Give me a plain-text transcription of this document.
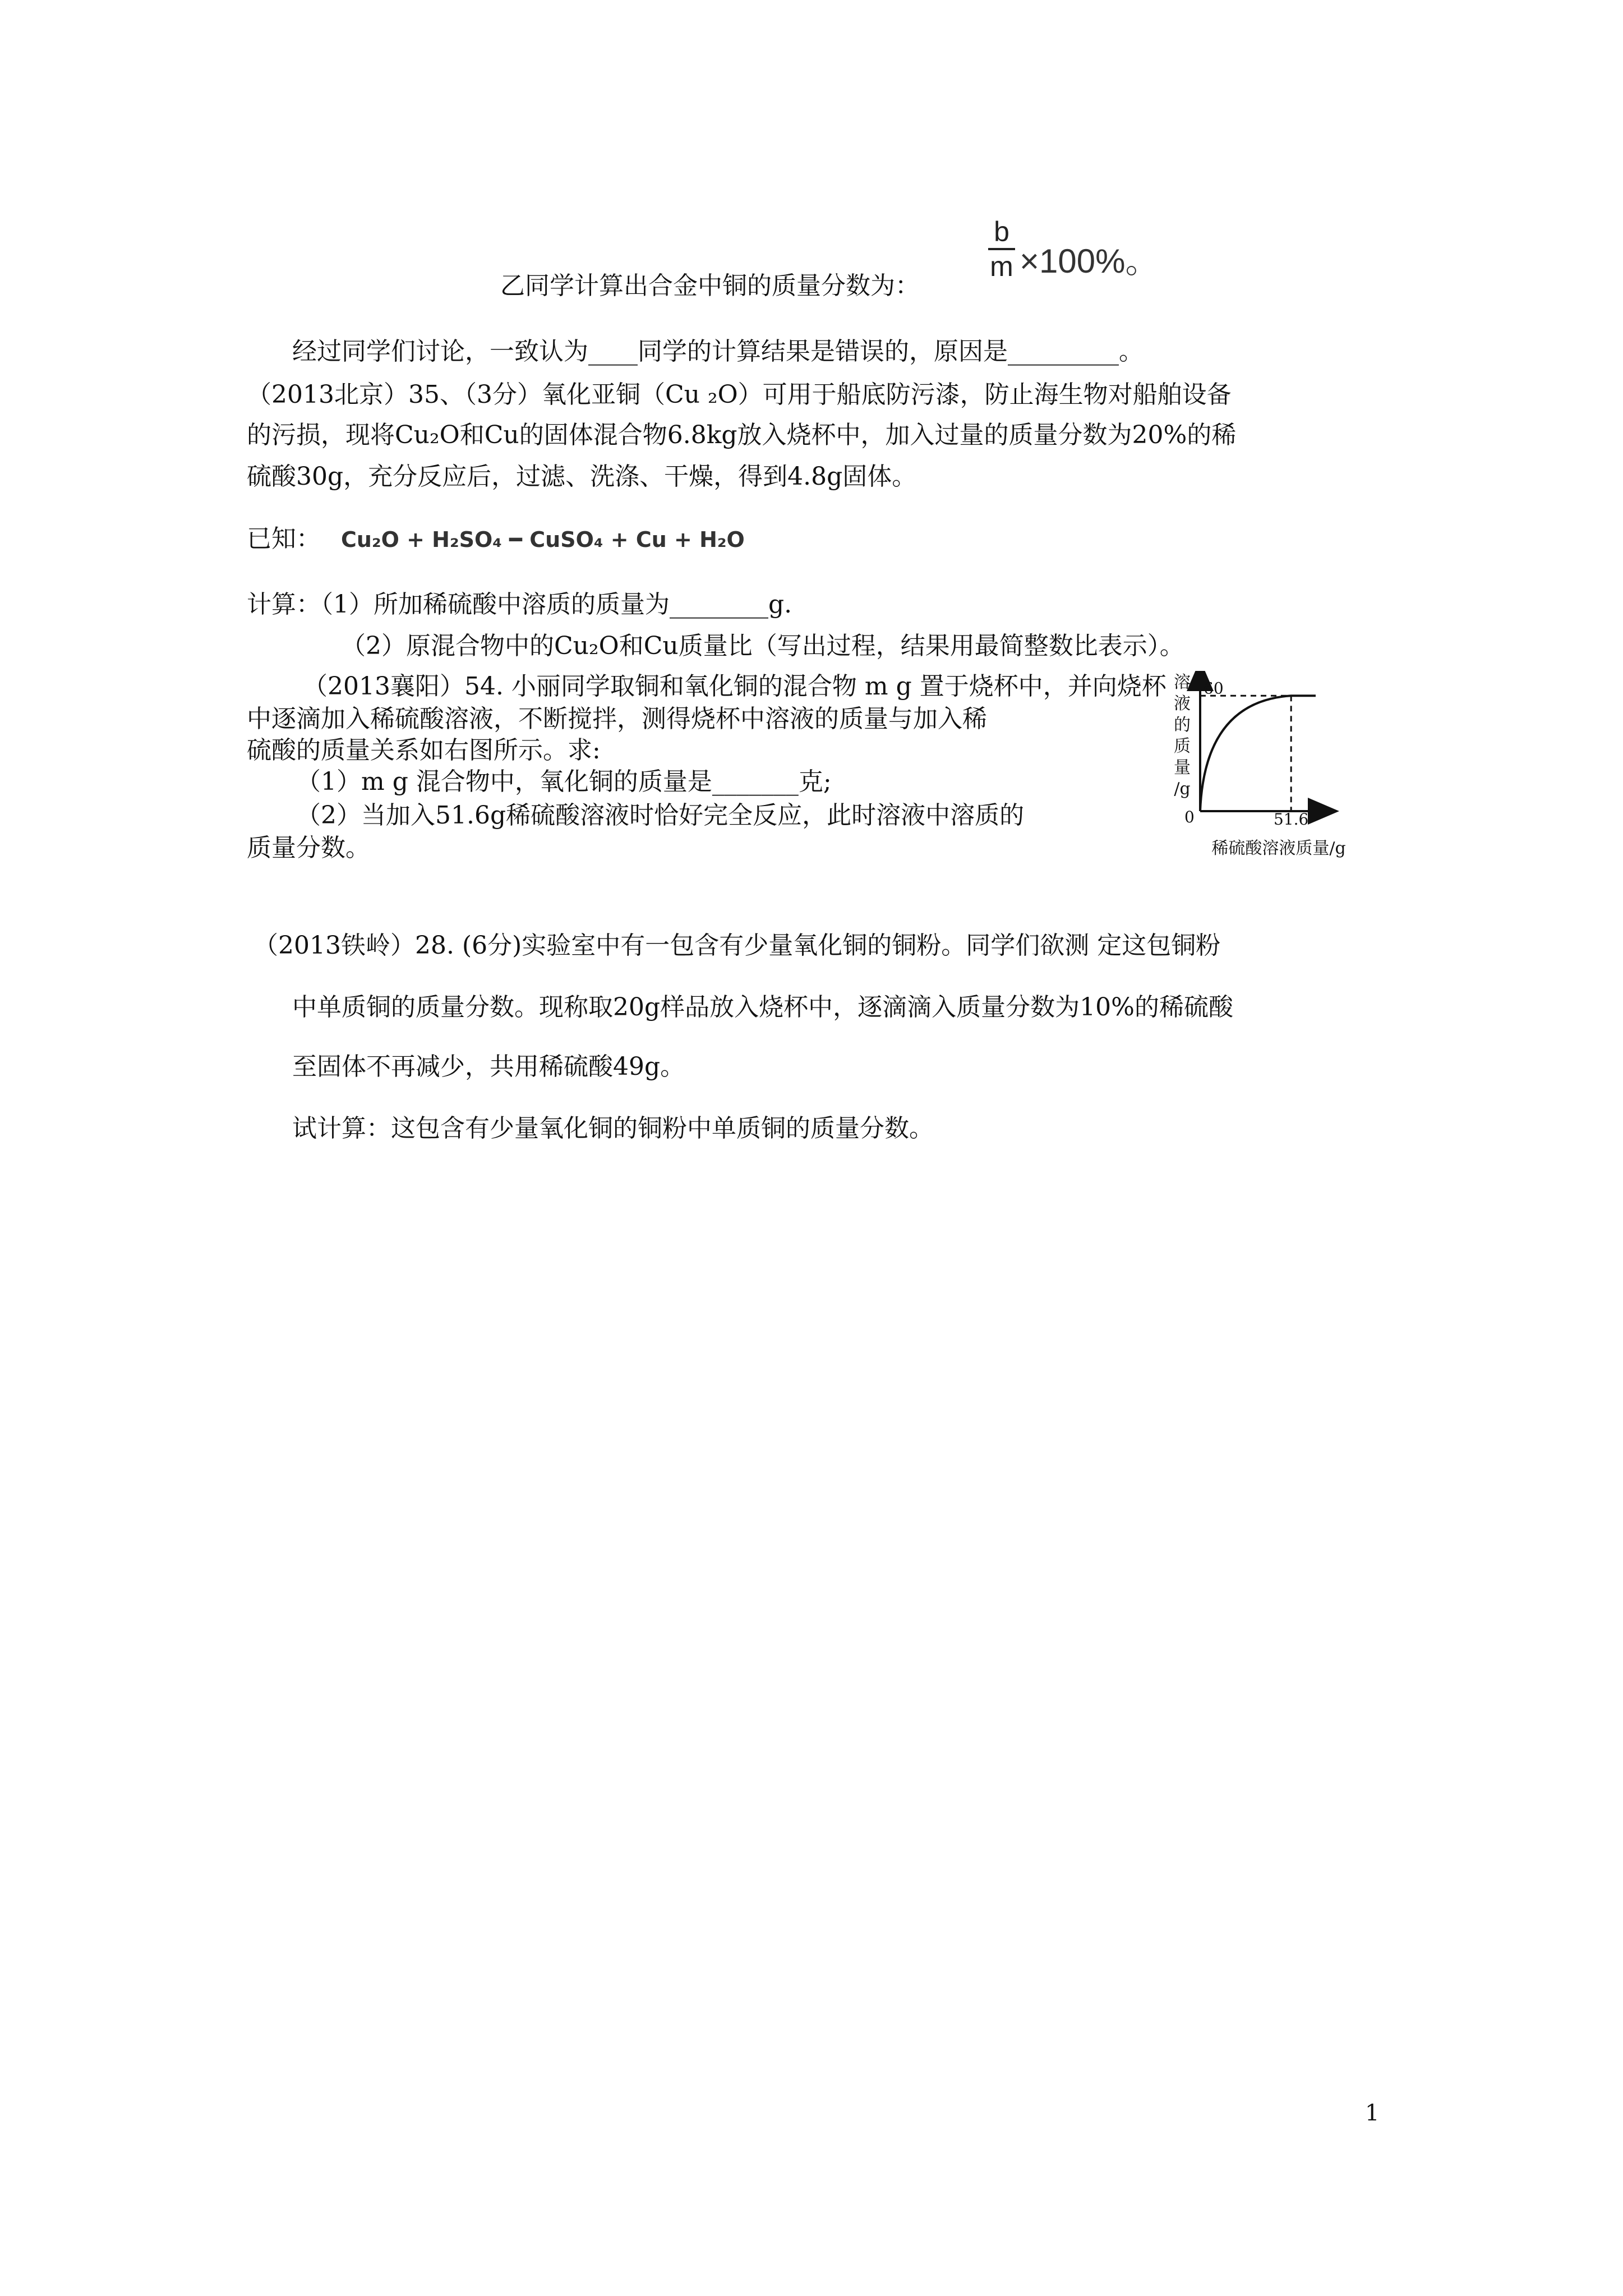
乙同学计算出合金中铜的质量分数为：
b
m ×100%。
经过同学们讨论，一致认为____同学的计算结果是错误的，原因是_________。
（2013北京）35、（3分）氧化亚铜（Cu ₂O）可用于船底防污漆，防止海生物对船舶设备
的污损，现将Cu₂O和Cu的固体混合物6.8kg放入烧杯中，加入过量的质量分数为20%的稀
硫酸30g，充分反应后，过滤、洗涤、干燥，得到4.8g固体。
已知： Cu₂O + H₂SO₄ ━ CuSO₄ + Cu + H₂O
计算：（1）所加稀硫酸中溶质的质量为________g.
（2）原混合物中的Cu₂O和Cu质量比（写出过程，结果用最简整数比表示）。
（2013襄阳）54. 小丽同学取铜和氧化铜的混合物 m g 置于烧杯中，并向烧杯
中逐滴加入稀硫酸溶液，不断搅拌，测得烧杯中溶液的质量与加入稀
硫酸的质量关系如右图所示。求:
（1）m g 混合物中，氧化铜的质量是_______克;
（2）当加入51.6g稀硫酸溶液时恰好完全反应，此时溶液中溶质的
质量分数。
溶
液
的
质
量
/g
60
51.6
0
稀硫酸溶液质量/g
（2013铁岭）28. (6分)实验室中有一包含有少量氧化铜的铜粉。同学们欲测 定这包铜粉
中单质铜的质量分数。现称取20g样品放入烧杯中，逐滴滴入质量分数为10%的稀硫酸
至固体不再减少，共用稀硫酸49g。
试计算：这包含有少量氧化铜的铜粉中单质铜的质量分数。
1
